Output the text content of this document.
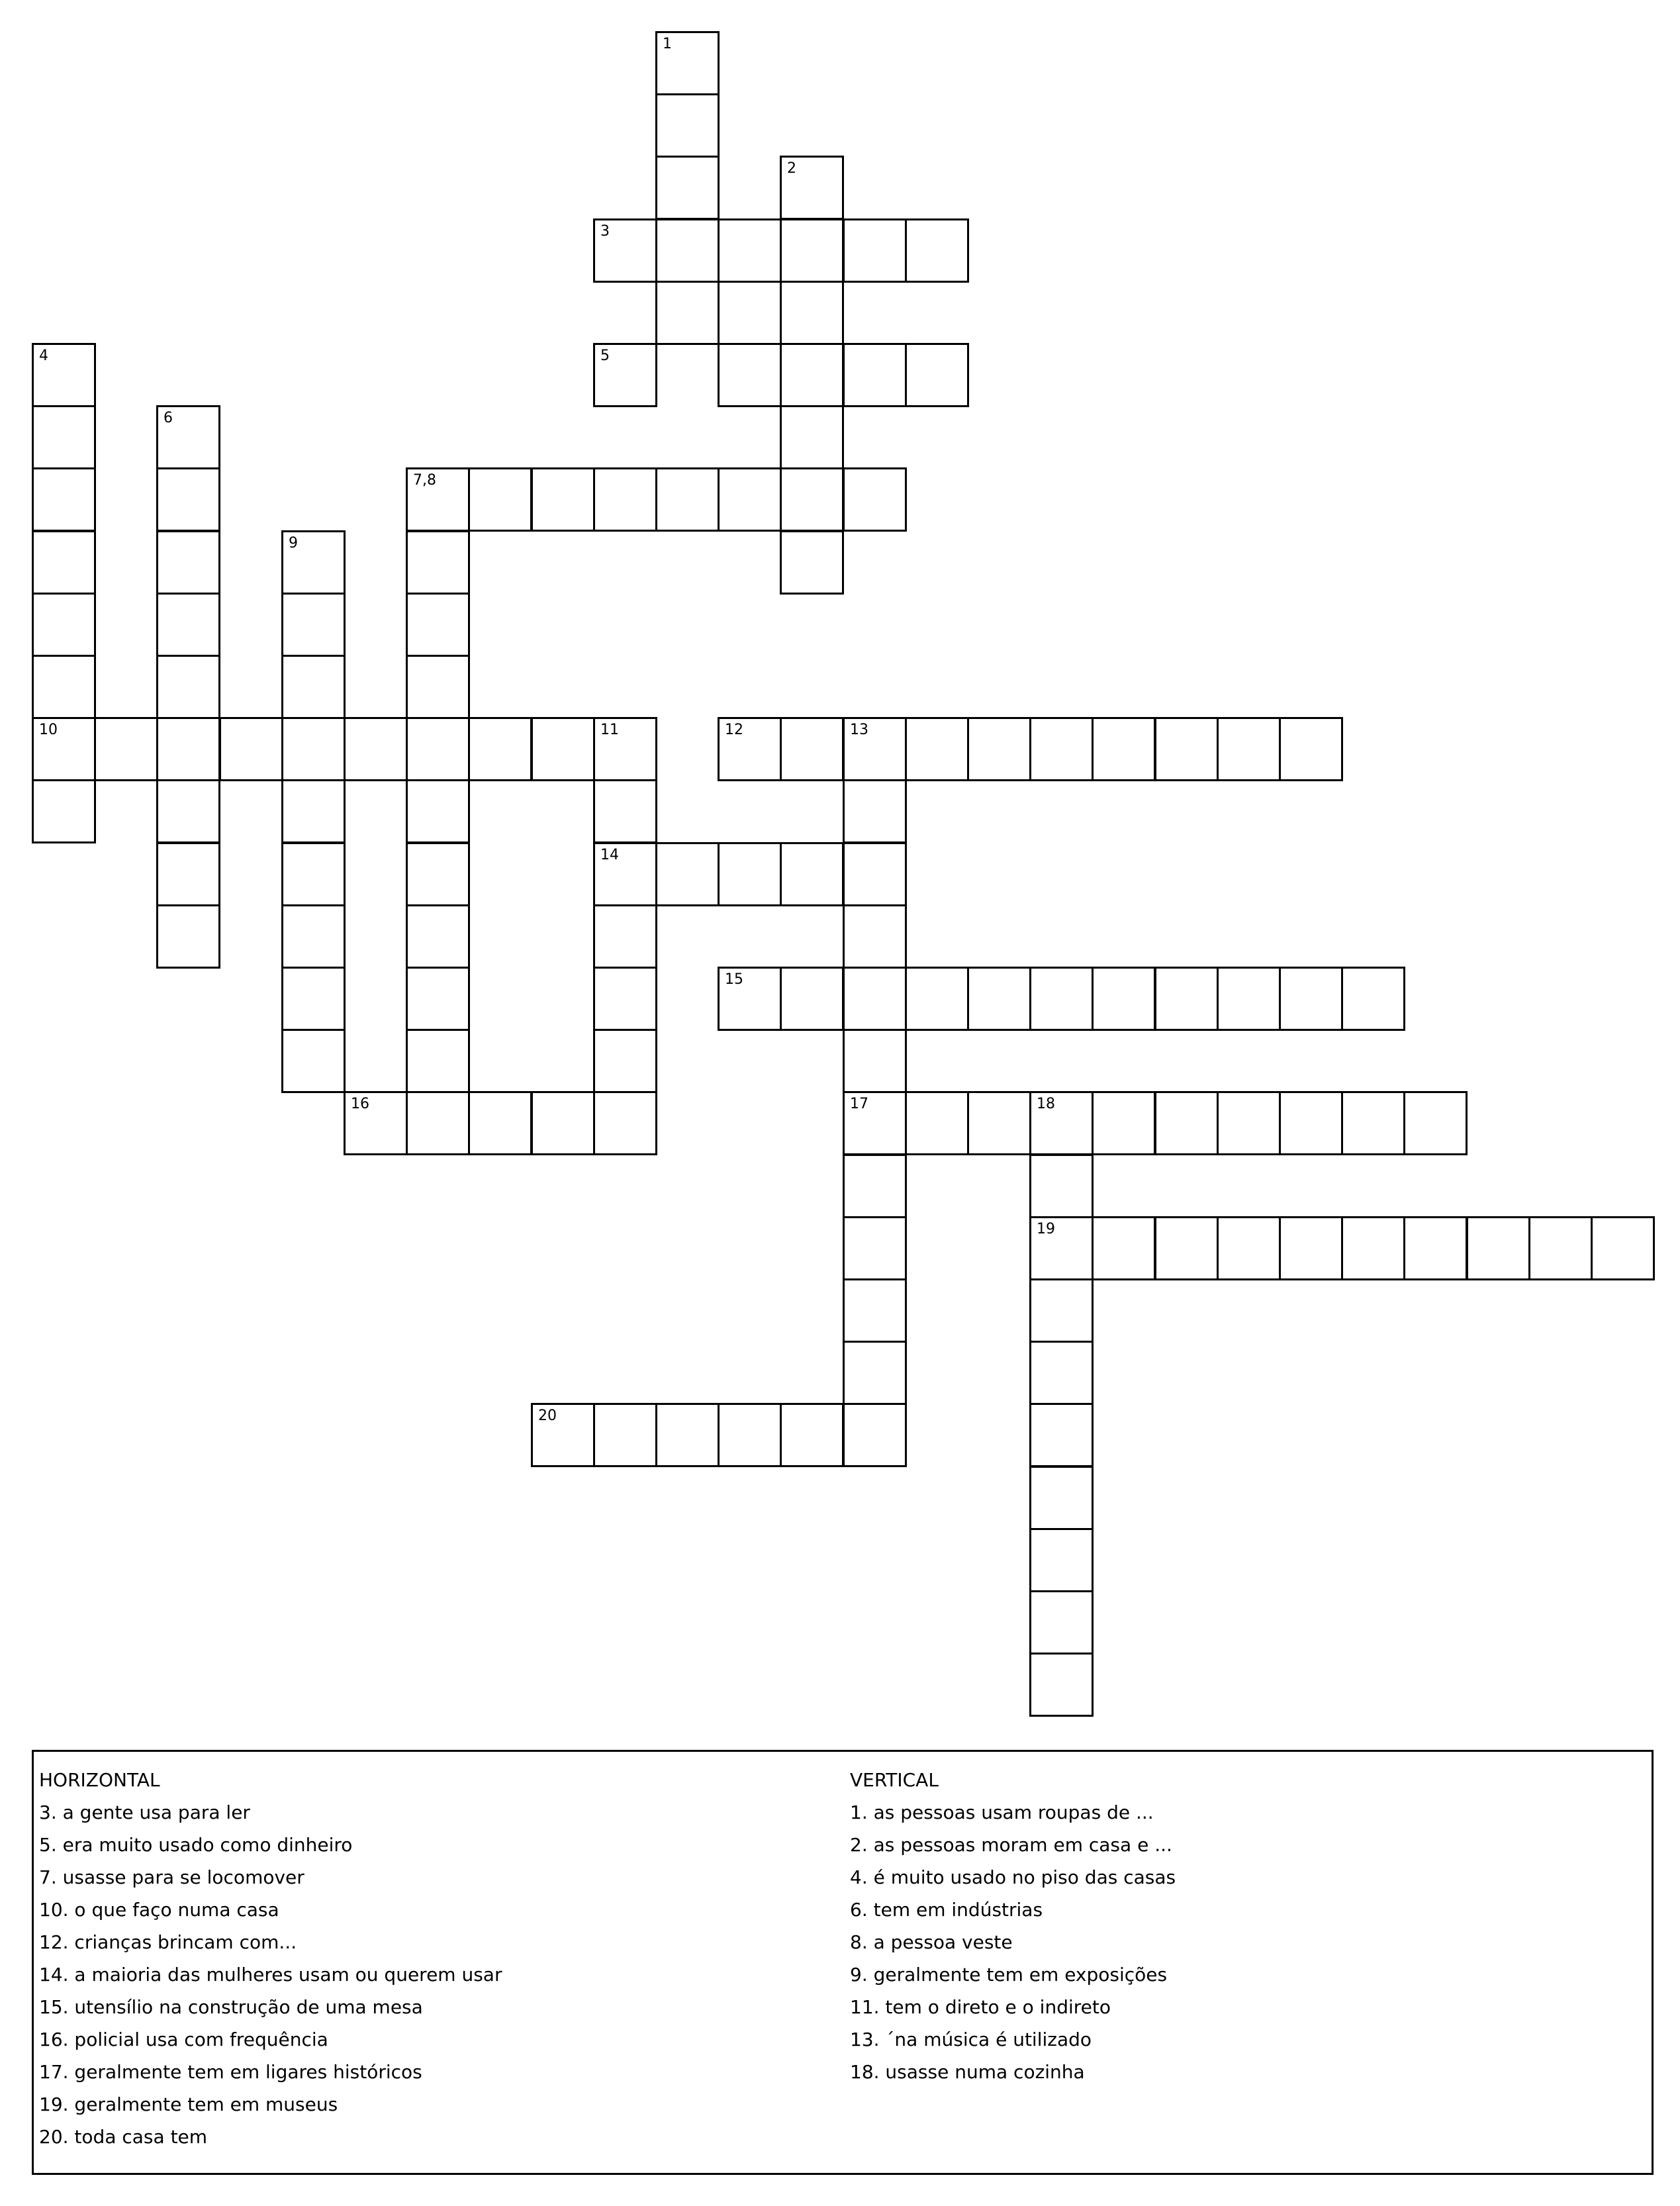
1
2
3
4	5
6
7,8
9
10	11	12	13
14
15
16	17	18
19
20
HORIZONTAL
3. a gente usa para ler
5. era muito usado como dinheiro
7. usasse para se locomover
10. o que faço numa casa
12. crianças brincam com...
14. a maioria das mulheres usam ou querem usar
15. utensílio na construção de uma mesa
16. policial usa com frequência
17. geralmente tem em ligares históricos
19. geralmente tem em museus
20. toda casa tem
VERTICAL
1. as pessoas usam roupas de ...
2. as pessoas moram em casa e ...
4. é muito usado no piso das casas
6. tem em indústrias
8. a pessoa veste
9. geralmente tem em exposições
11. tem o direto e o indireto
13. ´na música é utilizado
18. usasse numa cozinha
